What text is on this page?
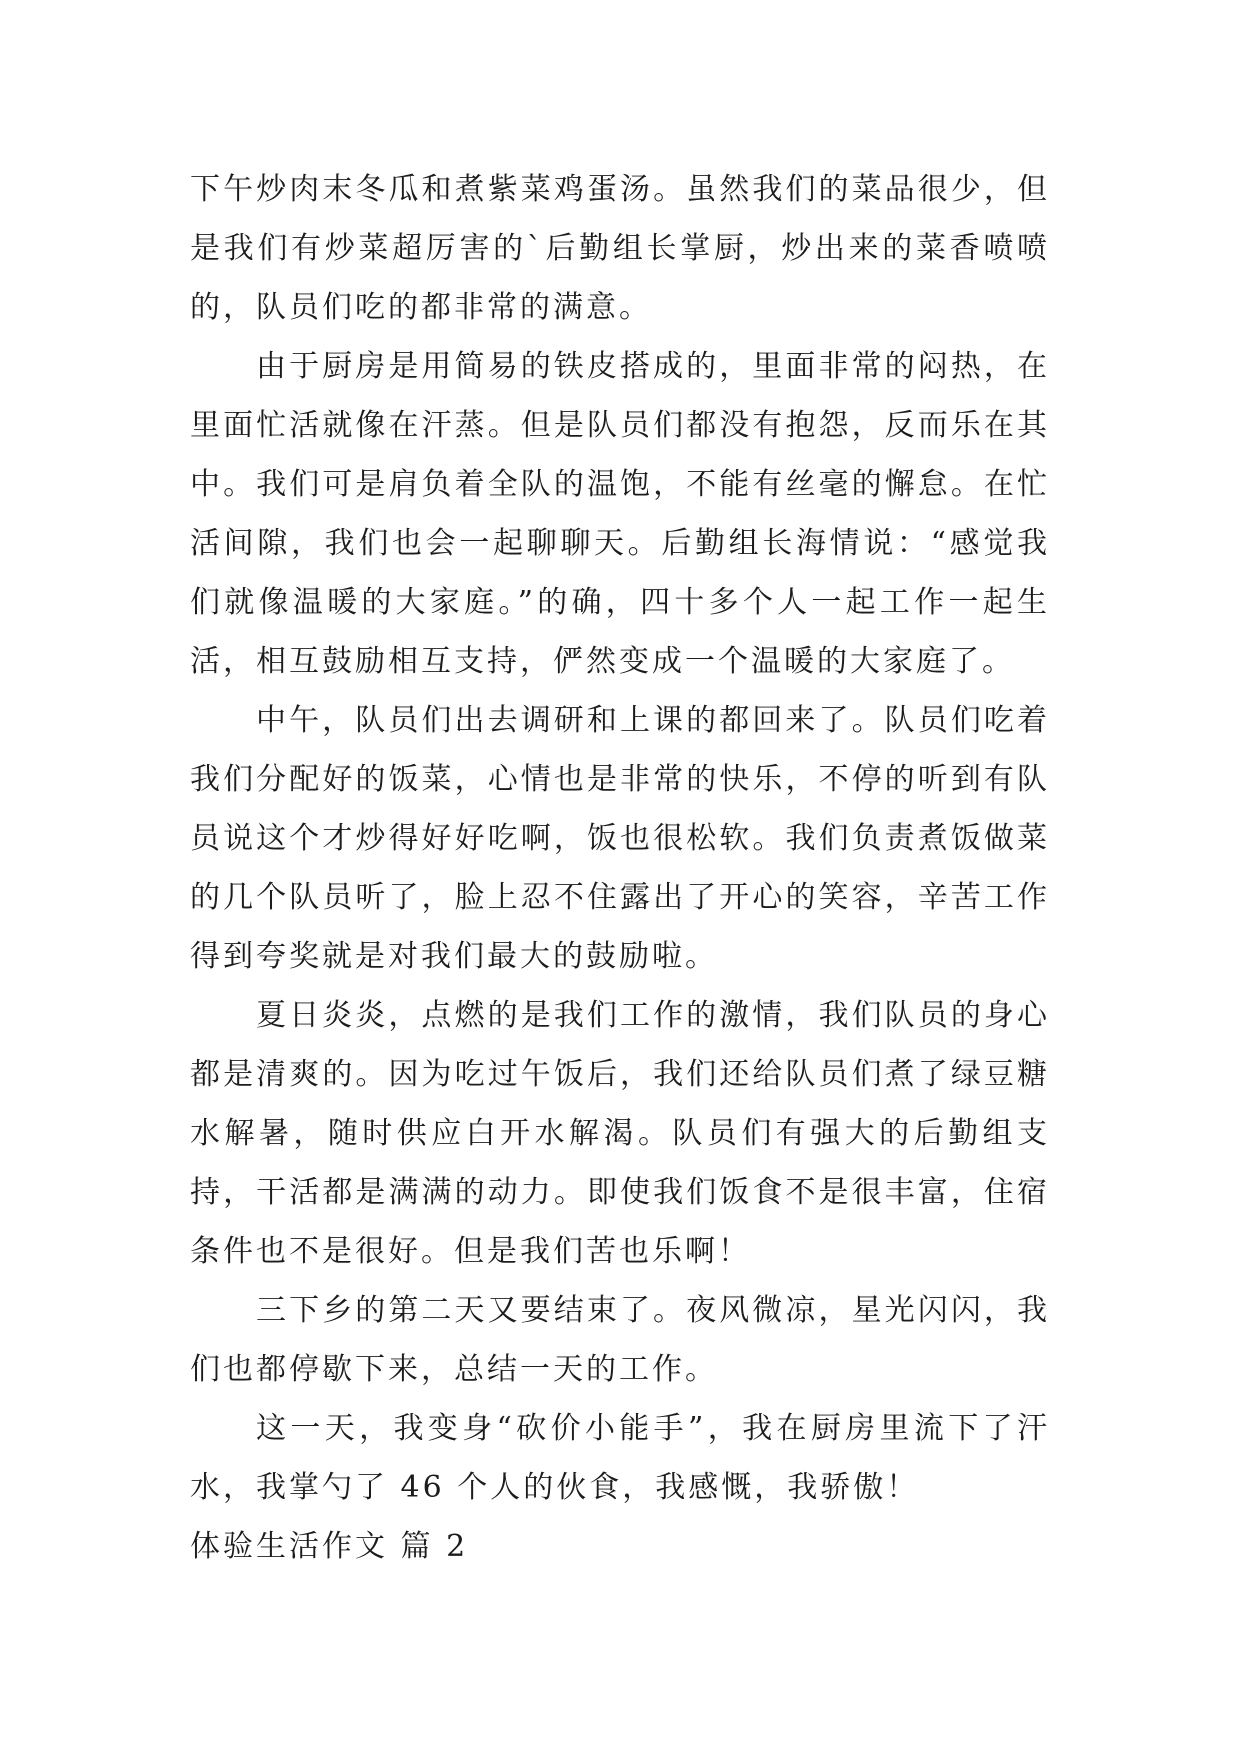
下午炒肉末冬瓜和煮紫菜鸡蛋汤。虽然我们的菜品很少，但是我们有炒菜超厉害的`后勤组长掌厨，炒出来的菜香喷喷的，队员们吃的都非常的满意。

由于厨房是用简易的铁皮搭成的，里面非常的闷热，在里面忙活就像在汗蒸。但是队员们都没有抱怨，反而乐在其中。我们可是肩负着全队的温饱，不能有丝毫的懈怠。在忙活间隙，我们也会一起聊聊天。后勤组长海情说：“感觉我们就像温暖的大家庭。”的确，四十多个人一起工作一起生活，相互鼓励相互支持，俨然变成一个温暖的大家庭了。

中午，队员们出去调研和上课的都回来了。队员们吃着我们分配好的饭菜，心情也是非常的快乐，不停的听到有队员说这个才炒得好好吃啊，饭也很松软。我们负责煮饭做菜的几个队员听了，脸上忍不住露出了开心的笑容，辛苦工作得到夸奖就是对我们最大的鼓励啦。

夏日炎炎，点燃的是我们工作的激情，我们队员的身心都是清爽的。因为吃过午饭后，我们还给队员们煮了绿豆糖水解暑，随时供应白开水解渴。队员们有强大的后勤组支持，干活都是满满的动力。即使我们饭食不是很丰富，住宿条件也不是很好。但是我们苦也乐啊！

三下乡的第二天又要结束了。夜风微凉，星光闪闪，我们也都停歇下来，总结一天的工作。

这一天，我变身“砍价小能手”，我在厨房里流下了汗水，我掌勺了 46 个人的伙食，我感慨，我骄傲！

体验生活作文 篇 2
